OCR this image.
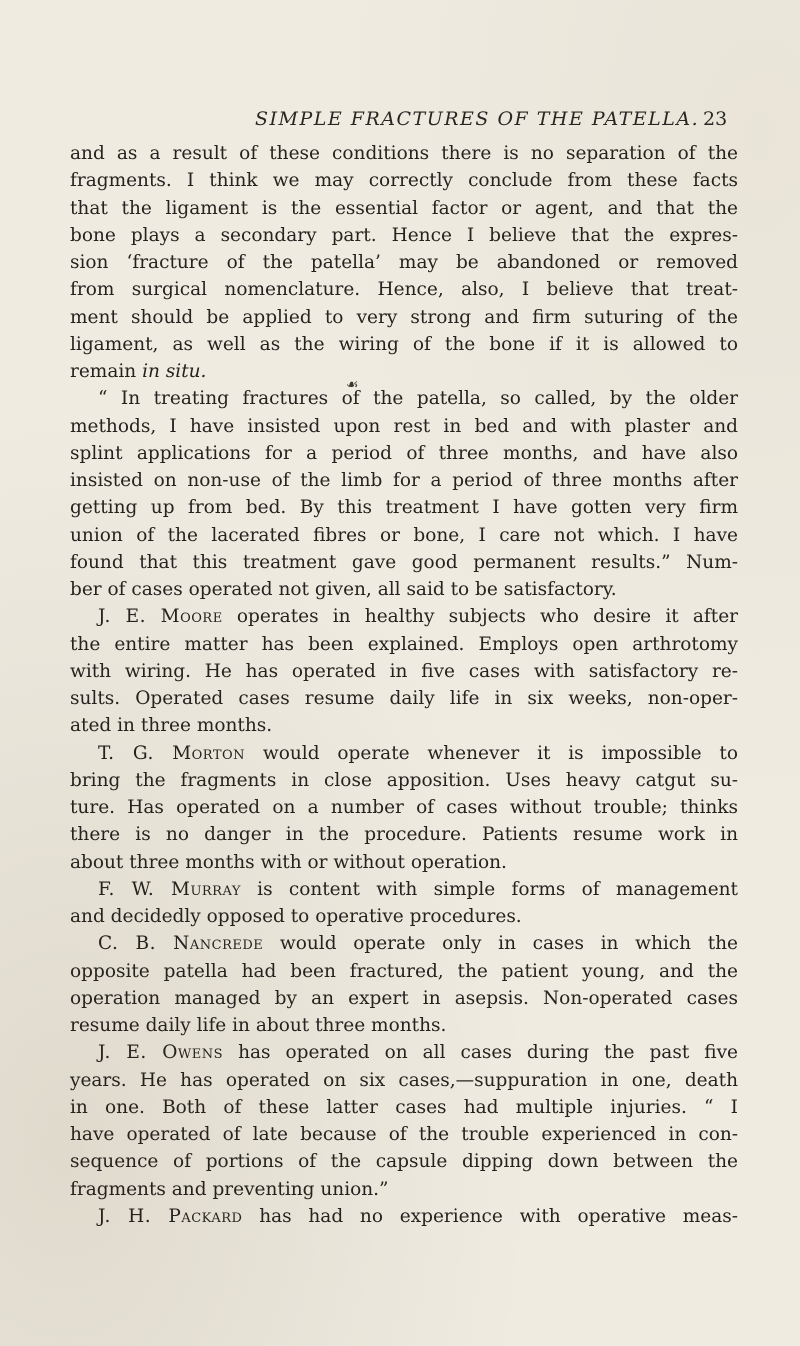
SIMPLE FRACTURES OF THE PATELLA. 23
☙
and as a result of these conditions there is no separation of the
fragments. I think we may correctly conclude from these facts
that the ligament is the essential factor or agent, and that the
bone plays a secondary part. Hence I believe that the expres-
sion ‘fracture of the patella’ may be abandoned or removed
from surgical nomenclature. Hence, also, I believe that treat-
ment should be applied to very strong and firm suturing of the
ligament, as well as the wiring of the bone if it is allowed to
remain in situ.
“ In treating fractures of the patella, so called, by the older
methods, I have insisted upon rest in bed and with plaster and
splint applications for a period of three months, and have also
insisted on non-use of the limb for a period of three months after
getting up from bed. By this treatment I have gotten very firm
union of the lacerated fibres or bone, I care not which. I have
found that this treatment gave good permanent results.” Num-
ber of cases operated not given, all said to be satisfactory.
J. E. Moore operates in healthy subjects who desire it after
the entire matter has been explained. Employs open arthrotomy
with wiring. He has operated in five cases with satisfactory re-
sults. Operated cases resume daily life in six weeks, non-oper-
ated in three months.
T. G. Morton would operate whenever it is impossible to
bring the fragments in close apposition. Uses heavy catgut su-
ture. Has operated on a number of cases without trouble; thinks
there is no danger in the procedure. Patients resume work in
about three months with or without operation.
F. W. Murray is content with simple forms of management
and decidedly opposed to operative procedures.
C. B. Nancrede would operate only in cases in which the
opposite patella had been fractured, the patient young, and the
operation managed by an expert in asepsis. Non-operated cases
resume daily life in about three months.
J. E. Owens has operated on all cases during the past five
years. He has operated on six cases,—suppuration in one, death
in one. Both of these latter cases had multiple injuries. “ I
have operated of late because of the trouble experienced in con-
sequence of portions of the capsule dipping down between the
fragments and preventing union.”
J. H. Packard has had no experience with operative meas-
